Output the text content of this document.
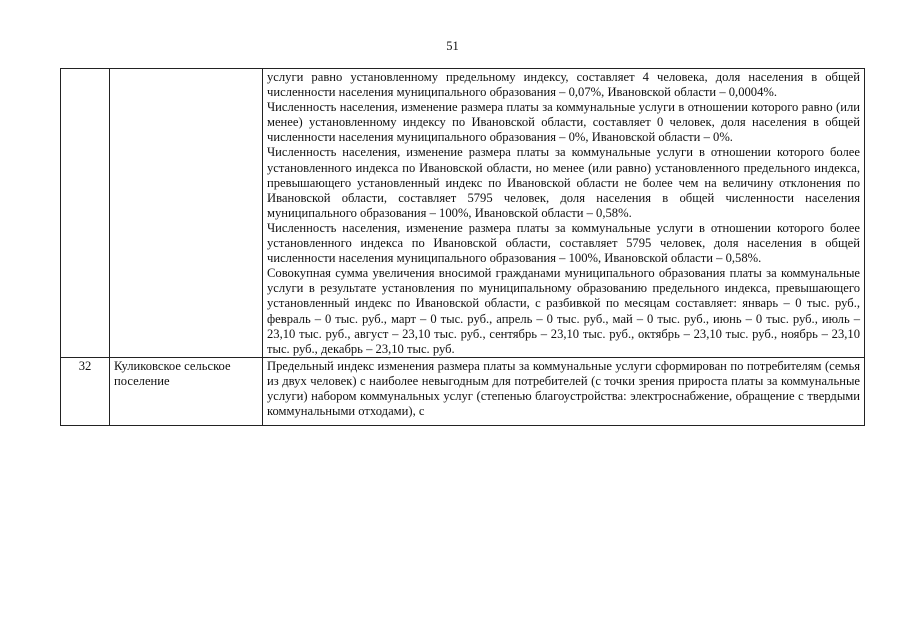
51

		услуги равно установленному предельному индексу, составляет 4 человека, доля населения в общей численности населения муниципального образования – 0,07%, Ивановской области – 0,0004%.

Численность населения, изменение размера платы за коммунальные услуги в отношении которого равно (или менее) установленному индексу по Ивановской области, составляет 0 человек, доля населения в общей численности населения муниципального образования – 0%, Ивановской области – 0%.

Численность населения, изменение размера платы за коммунальные услуги в отношении которого более установленного индекса по Ивановской области, но менее (или равно) установленного предельного индекса, превышающего установленный индекс по Ивановской области не более чем на величину отклонения по Ивановской области, составляет 5795 человек, доля населения в общей численности населения муниципального образования – 100%, Ивановской области – 0,58%.

Численность населения, изменение размера платы за коммунальные услуги в отношении которого более установленного индекса по Ивановской области, составляет 5795 человек, доля населения в общей численности населения муниципального образования – 100%, Ивановской области – 0,58%.

Совокупная сумма увеличения вносимой гражданами муниципального образования платы за коммунальные услуги в результате установления по муниципальному образованию предельного индекса, превышающего установленный индекс по Ивановской области, с разбивкой по месяцам составляет: январь – 0 тыс. руб., февраль – 0 тыс. руб., март – 0 тыс. руб., апрель – 0 тыс. руб., май – 0 тыс. руб., июнь – 0 тыс. руб., июль – 23,10 тыс. руб., август – 23,10 тыс. руб., сентябрь – 23,10 тыс. руб., октябрь – 23,10 тыс. руб., ноябрь – 23,10 тыс. руб., декабрь – 23,10 тыс. руб.

32	Куликовское сельское поселение	Предельный индекс изменения размера платы за коммунальные услуги сформирован по потребителям (семья из двух человек) с наиболее невыгодным для потребителей (с точки зрения прироста платы за коммунальные услуги) набором коммунальных услуг (степенью благоустройства: электроснабжение, обращение с твердыми коммунальными отходами), с
